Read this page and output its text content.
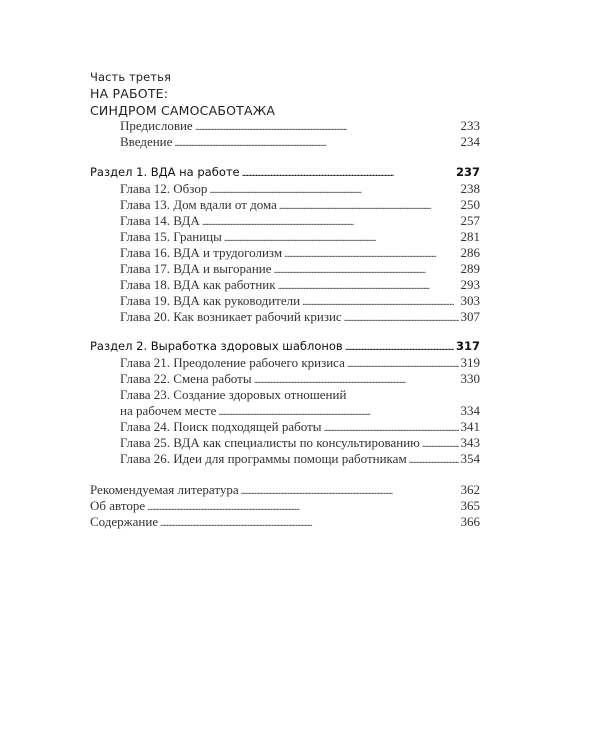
Часть третья
НА РАБОТЕ:
СИНДРОМ САМОСАБОТАЖА
Предисловие . . .	233
Введение . . .	234
Раздел 1. ВДА на работе . . .	237
Глава 12. Обзор . . .	238
Глава 13. Дом вдали от дома . . .	250
Глава 14. ВДА . . .	257
Глава 15. Границы . . .	281
Глава 16. ВДА и трудоголизм . . .	286
Глава 17. ВДА и выгорание . . .	289
Глава 18. ВДА как работник . . .	293
Глава 19. ВДА как руководители . . .	303
Глава 20. Как возникает рабочий кризис . . .	307
Раздел 2. Выработка здоровых шаблонов . . .	317
Глава 21. Преодоление рабочего кризиса . . .	319
Глава 22. Смена работы . . .	330
Глава 23. Создание здоровых отношений
на рабочем месте . . .	334
Глава 24. Поиск подходящей работы . . .	341
Глава 25. ВДА как специалисты по консультированию . . .	343
Глава 26. Идеи для программы помощи работникам . . .	354
Рекомендуемая литература . . .	362
Об авторе . . .	365
Содержание . . .	366
